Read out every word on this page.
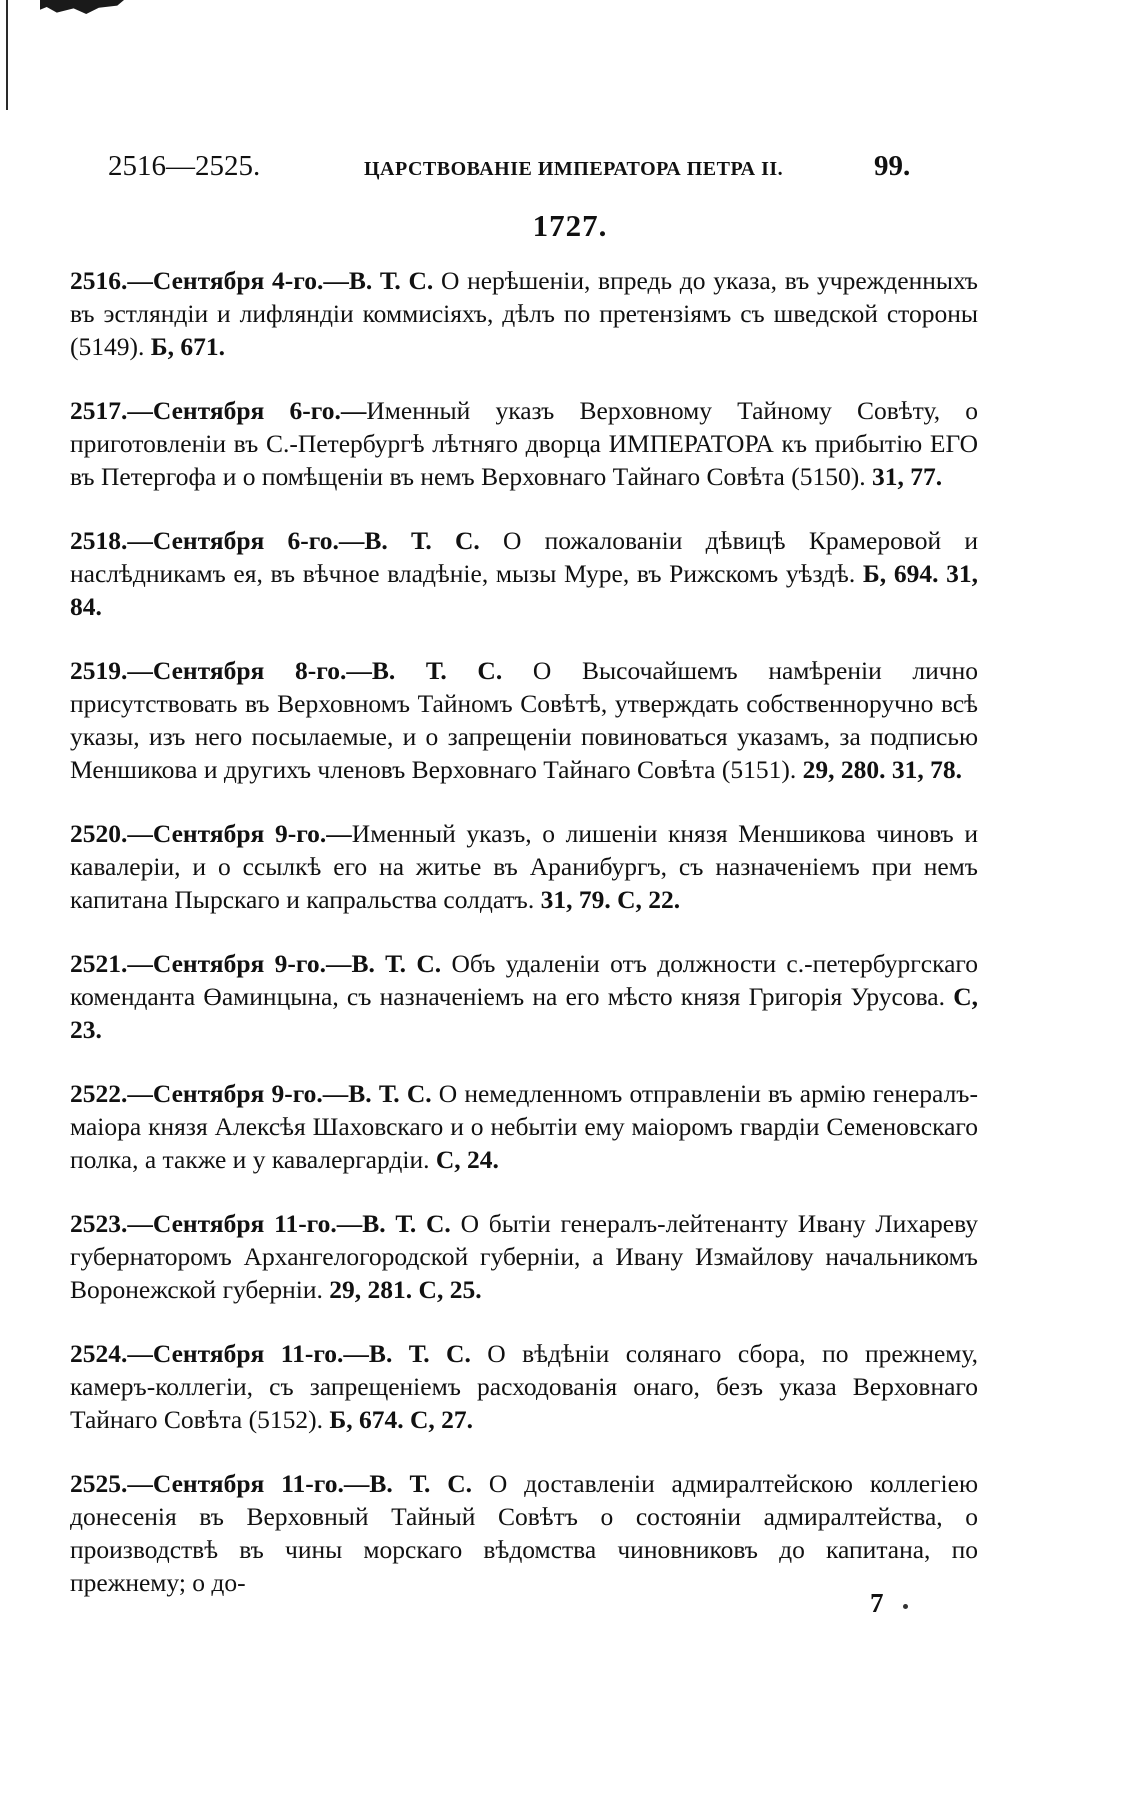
2516—2525.	ЦАРСТВОВАНІЕ ИМПЕРАТОРА ПЕТРА II.	99.
1727.

2516.—Сентября 4-го.—В. Т. С. О нерѣшеніи, впредь до указа, въ учрежденныхъ въ эстляндіи и лифляндіи коммисіяхъ, дѣлъ по претензіямъ съ шведской стороны (5149). Б, 671.

2517.—Сентября 6-го.—Именный указъ Верховному Тайному Совѣту, о приготовленіи въ С.-Петербургѣ лѣтняго дворца ИМПЕРАТОРА къ прибытію ЕГО въ Петергофа и о помѣщеніи въ немъ Верховнаго Тайнаго Совѣта (5150). 31, 77.

2518.—Сентября 6-го.—В. Т. С. О пожалованіи дѣвицѣ Крамеровой и наслѣдникамъ ея, въ вѣчное владѣніе, мызы Муре, въ Рижскомъ уѣздѣ. Б, 694. 31, 84.

2519.—Сентября 8-го.—В. Т. С. О Высочайшемъ намѣреніи лично присутствовать въ Верховномъ Тайномъ Совѣтѣ, утверждать собственноручно всѣ указы, изъ него посылаемые, и о запрещеніи повиноваться указамъ, за подписью Меншикова и другихъ членовъ Верховнаго Тайнаго Совѣта (5151). 29, 280. 31, 78.

2520.—Сентября 9-го.—Именный указъ, о лишеніи князя Меншикова чиновъ и кавалеріи, и о ссылкѣ его на житье въ Аранибургъ, съ назначеніемъ при немъ капитана Пырскаго и капральства солдатъ. 31, 79. С, 22.

2521.—Сентября 9-го.—В. Т. С. Объ удаленіи отъ должности с.-петербургскаго коменданта Өаминцына, съ назначеніемъ на его мѣсто князя Григорія Урусова. С, 23.

2522.—Сентября 9-го.—В. Т. С. О немедленномъ отправленіи въ армію генералъ-маіора князя Алексѣя Шаховскаго и о небытіи ему маіоромъ гвардіи Семеновскаго полка, а также и у кавалергардіи. С, 24.

2523.—Сентября 11-го.—В. Т. С. О бытіи генералъ-лейтенанту Ивану Лихареву губернаторомъ Архангелогородской губерніи, а Ивану Измайлову начальникомъ Воронежской губерніи. 29, 281. С, 25.

2524.—Сентября 11-го.—В. Т. С. О вѣдѣніи солянаго сбора, по прежнему, камеръ-коллегіи, съ запрещеніемъ расходованія онаго, безъ указа Верховнаго Тайнаго Совѣта (5152). Б, 674. С, 27.

2525.—Сентября 11-го.—В. Т. С. О доставленіи адмиралтейскою коллегіею донесенія въ Верховный Тайный Совѣтъ о состояніи адмиралтейства, о производствѣ въ чины морскаго вѣдомства чиновниковъ до капитана, по прежнему; о до-

7
